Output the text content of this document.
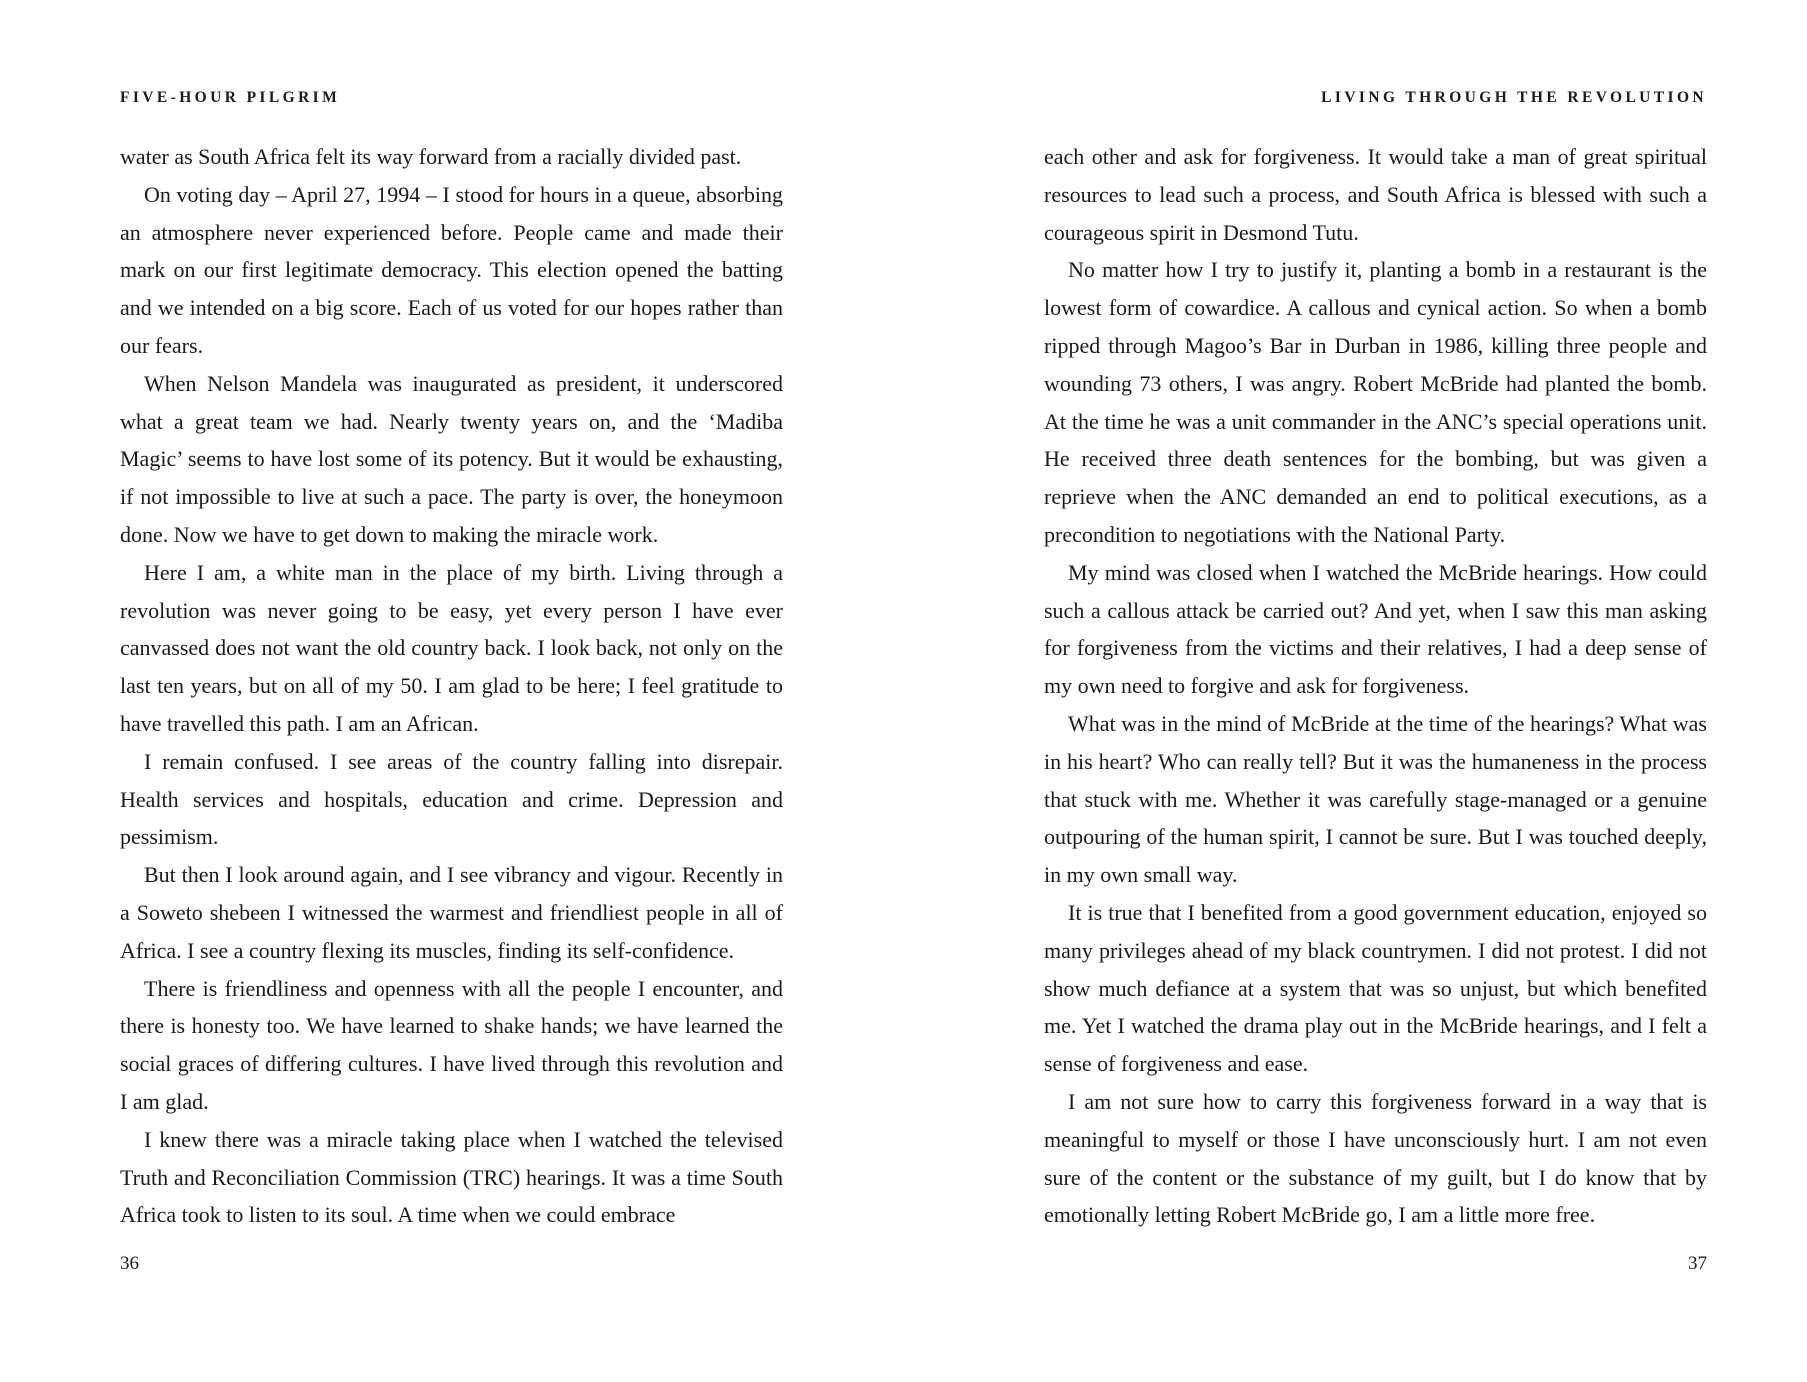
FIVE-HOUR PILGRIM

water as South Africa felt its way forward from a racially divided past.

On voting day – April 27, 1994 – I stood for hours in a queue, absorbing an atmosphere never experienced before. People came and made their mark on our first legitimate democracy. This election opened the batting and we intended on a big score. Each of us voted for our hopes rather than our fears.

When Nelson Mandela was inaugurated as president, it underscored what a great team we had. Nearly twenty years on, and the ‘Madiba Magic’ seems to have lost some of its potency. But it would be exhausting, if not impossible to live at such a pace. The party is over, the honeymoon done. Now we have to get down to making the miracle work.

Here I am, a white man in the place of my birth. Living through a revolution was never going to be easy, yet every person I have ever canvassed does not want the old country back. I look back, not only on the last ten years, but on all of my 50. I am glad to be here; I feel gratitude to have travelled this path. I am an African.

I remain confused. I see areas of the country falling into disrepair. Health services and hospitals, education and crime. Depression and pessimism.

But then I look around again, and I see vibrancy and vigour. Recently in a Soweto shebeen I witnessed the warmest and friendliest people in all of Africa. I see a country flexing its muscles, finding its self-confidence.

There is friendliness and openness with all the people I encounter, and there is honesty too. We have learned to shake hands; we have learned the social graces of differing cultures. I have lived through this revolution and I am glad.

I knew there was a miracle taking place when I watched the televised Truth and Reconciliation Commission (TRC) hearings. It was a time South Africa took to listen to its soul. A time when we could embrace

36
LIVING THROUGH THE REVOLUTION

each other and ask for forgiveness. It would take a man of great spiritual resources to lead such a process, and South Africa is blessed with such a courageous spirit in Desmond Tutu.

No matter how I try to justify it, planting a bomb in a restaurant is the lowest form of cowardice. A callous and cynical action. So when a bomb ripped through Magoo’s Bar in Durban in 1986, killing three people and wounding 73 others, I was angry. Robert McBride had planted the bomb. At the time he was a unit commander in the ANC’s special operations unit. He received three death sentences for the bombing, but was given a reprieve when the ANC demanded an end to political executions, as a precondition to negotiations with the National Party.

My mind was closed when I watched the McBride hearings. How could such a callous attack be carried out? And yet, when I saw this man asking for forgiveness from the victims and their relatives, I had a deep sense of my own need to forgive and ask for forgiveness.

What was in the mind of McBride at the time of the hearings? What was in his heart? Who can really tell? But it was the humaneness in the process that stuck with me. Whether it was carefully stage-managed or a genuine outpouring of the human spirit, I cannot be sure. But I was touched deeply, in my own small way.

It is true that I benefited from a good government education, enjoyed so many privileges ahead of my black countrymen. I did not protest. I did not show much defiance at a system that was so unjust, but which benefited me. Yet I watched the drama play out in the McBride hearings, and I felt a sense of forgiveness and ease.

I am not sure how to carry this forgiveness forward in a way that is meaningful to myself or those I have unconsciously hurt. I am not even sure of the content or the substance of my guilt, but I do know that by emotionally letting Robert McBride go, I am a little more free.

37
